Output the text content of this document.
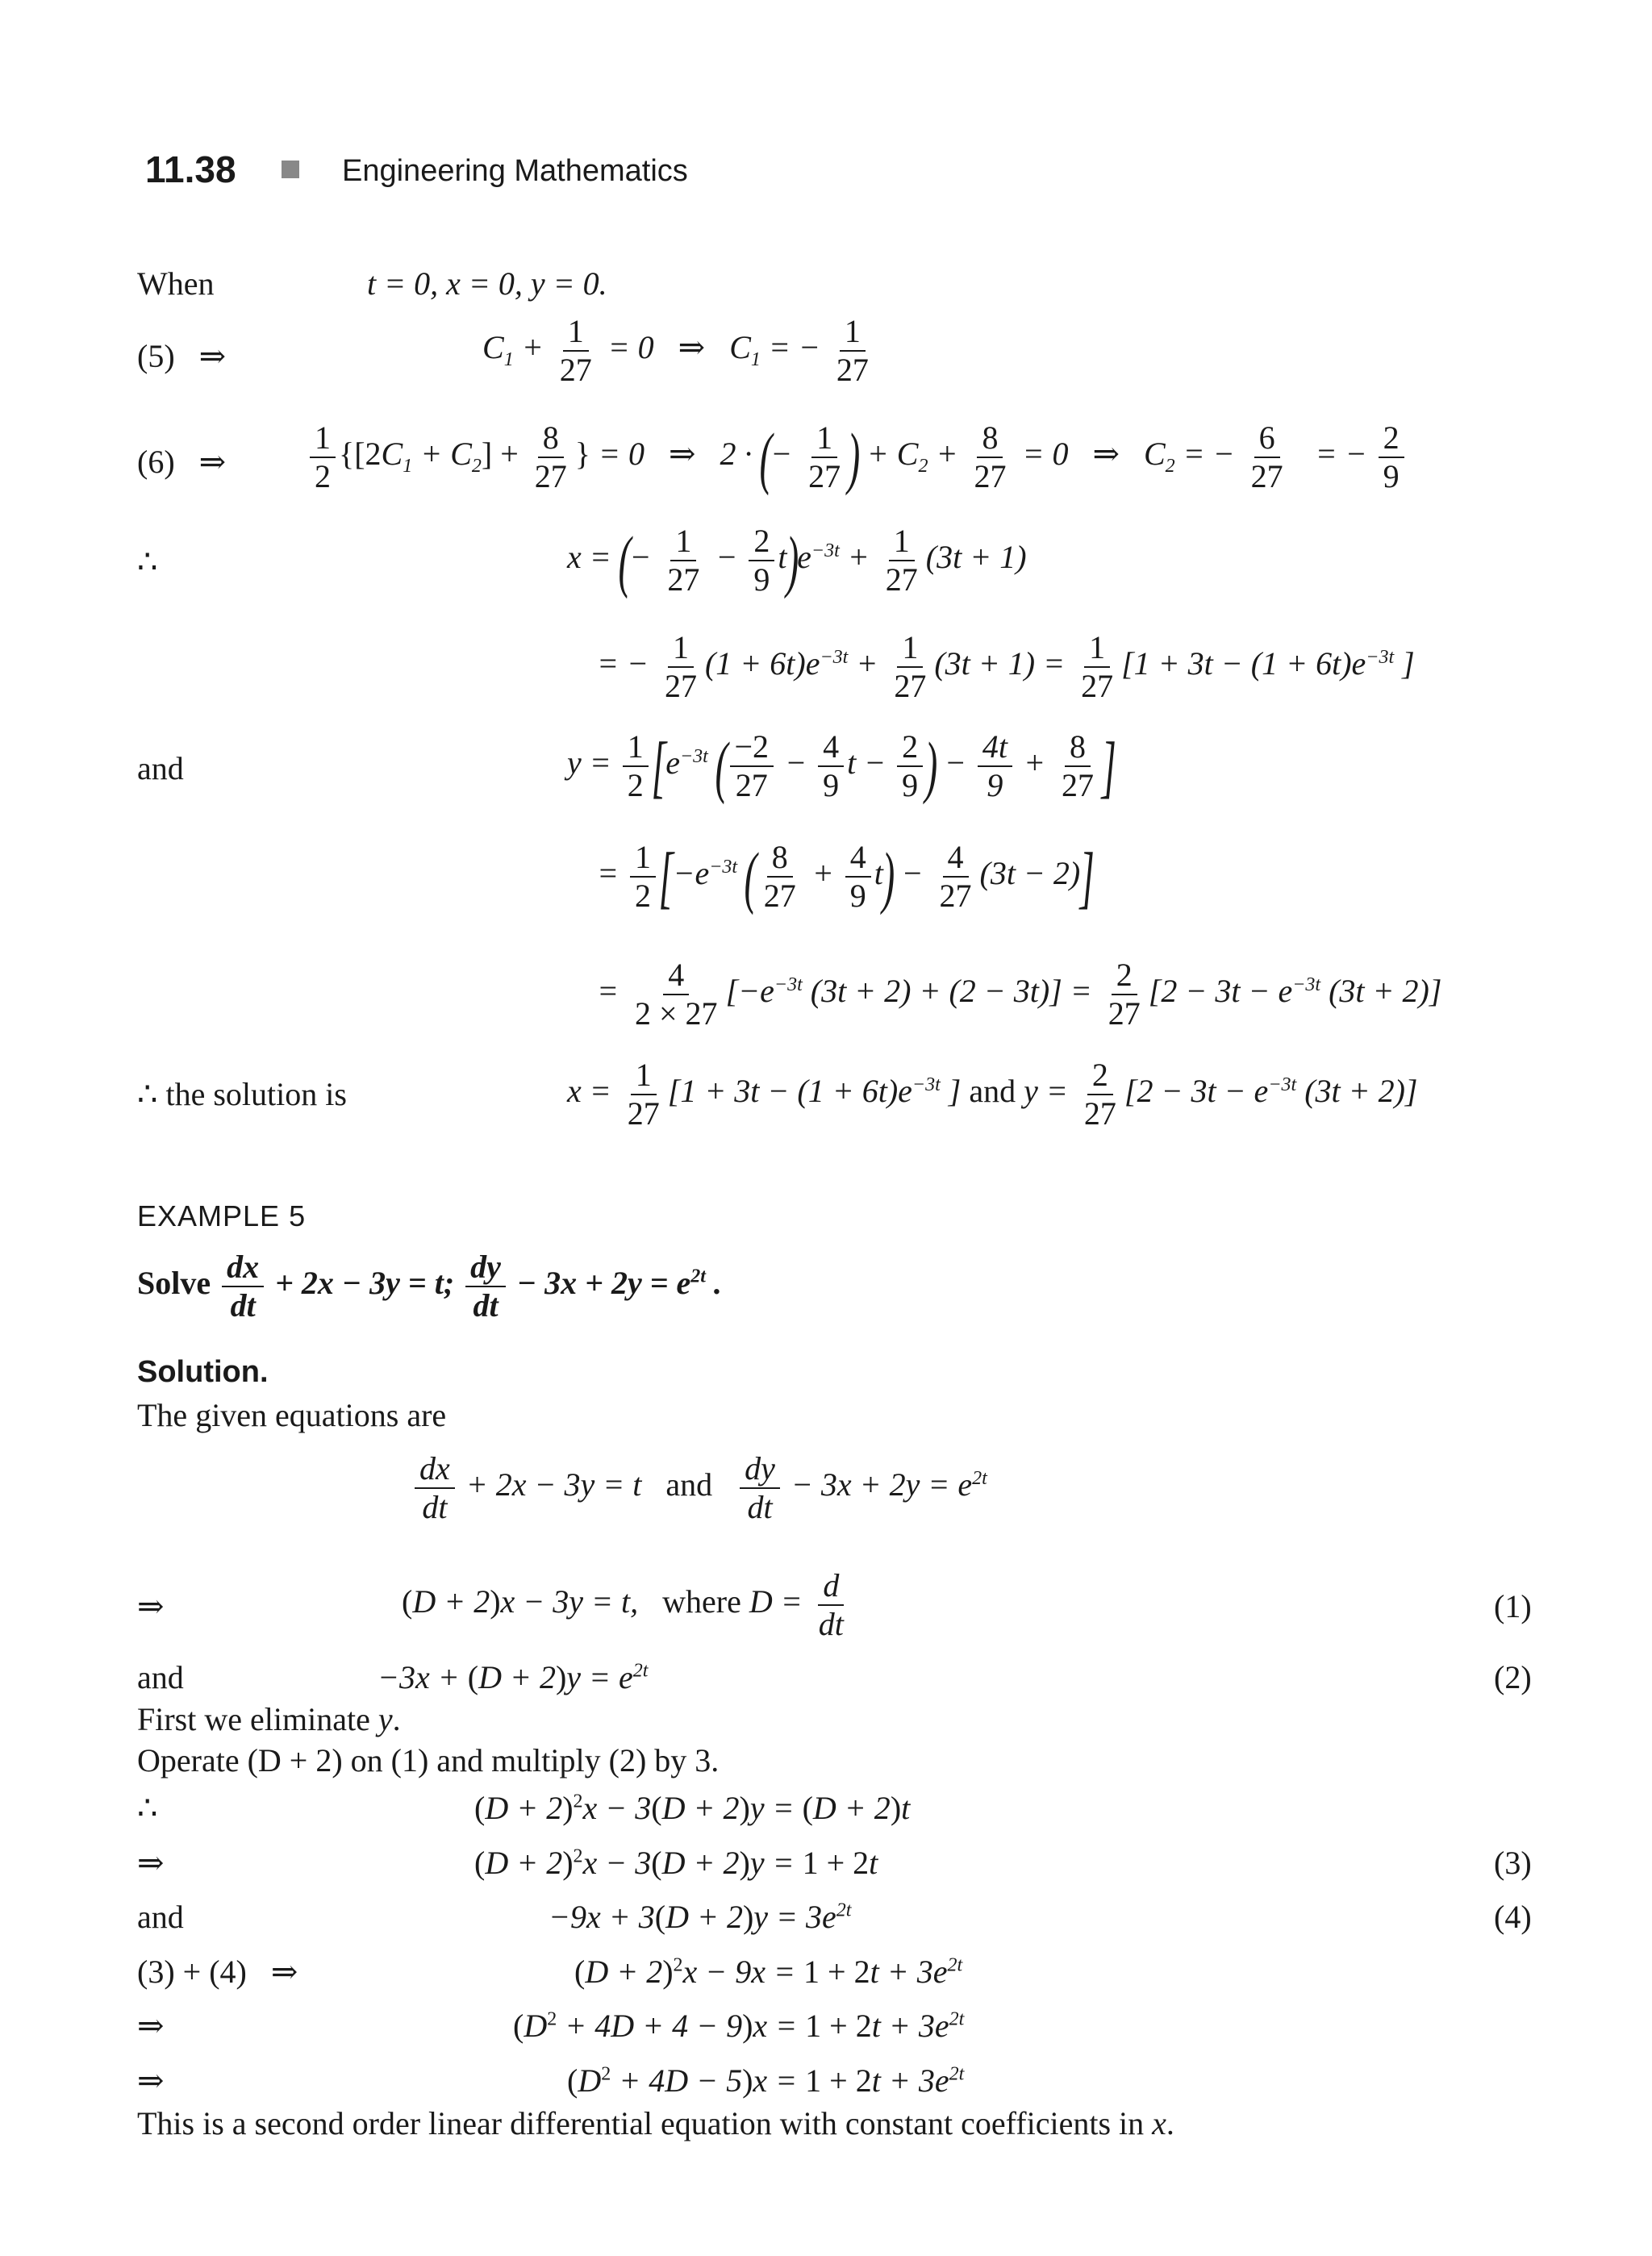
11.38	Engineering Mathematics
When	t = 0, x = 0, y = 0.
(5) ⇒	$C_1 + \frac{1}{27} = 0$   ⇒   $C_1$ = − $\frac{1}{27}$
(6) ⇒	$\frac{1}{2} \{[2C_1 + C_2] + \frac{8}{27}$ } = 0   ⇒   2 · (− $\frac{1}{27}$ ) + $C_2 + \frac{8}{27} = 0$   ⇒   $C_2$ = − $\frac{6}{27}$ = − $\frac{2}{9}$
∴	x = (− $\frac{1}{27} - \frac{2}{9} t)e^{-3t} + \frac{1}{27} (3t + 1)$
= − $\frac{1}{27} (1 + 6t)e^{-3t} + \frac{1}{27} (3t + 1) = \frac{1}{27} [1 + 3t - (1 + 6t)e^{-3t}$ ]
and	$y = \frac{1}{2} [e^{-3t}$ ( $\frac{-2}{27} - \frac{4}{9}$ $t - \frac{2}{9}$ ) − $\frac{4t}{9} + \frac{8}{27}$ ]
= $\frac{1}{2} [-e^{-3t}$ ( $\frac{8}{27} + \frac{4}{9} t) - \frac{4}{27} (3t - 2)$]
= $\frac{4}{2 \times 27} [-e^{-3t}$ $(3t + 2) + (2 - 3t)] = \frac{2}{27} [2 - 3t - e^{-3t}$ (3t + 2)]
∴ the solution is	$x = \frac{1}{27} [1 + 3t - (1 + 6t)e^{-3t}$ ] and $y = \frac{2}{27} [2 - 3t - e^{-3t}$ (3t + 2)]
EXAMPLE 5
Solve $\frac{dx}{dt} + 2x - 3y = t$; $\frac{dy}{dt} - 3x + 2y = e^{2t}$ .
Solution.
The given equations are
$\frac{dx}{dt} + 2x - 3y = t$   and $\frac{dy}{dt} - 3x + 2y = e^{2t}$
⇒	(D + 2)x − 3y = t,   where $D = \frac{d}{dt}$	(1)
and	$-3x + (D + 2)y = e^{2t}$	(2)
First we eliminate y.
Operate (D + 2) on (1) and multiply (2) by 3.
∴	$(D + 2)^2x - 3(D + 2)y = (D + 2)t$
⇒	$(D + 2)^2x - 3(D + 2)y = 1 + 2t$	(3)
and	$-9x + 3(D + 2)y = 3e^{2t}$	(4)
(3) + (4) ⇒	$(D + 2)^2x - 9x = 1 + 2t + 3e^{2t}$
⇒	$(D^2 + 4D + 4 - 9)x = 1 + 2t + 3e^{2t}$
⇒	$(D^2 + 4D - 5)x = 1 + 2t + 3e^{2t}$
This is a second order linear differential equation with constant coefficients in x.
